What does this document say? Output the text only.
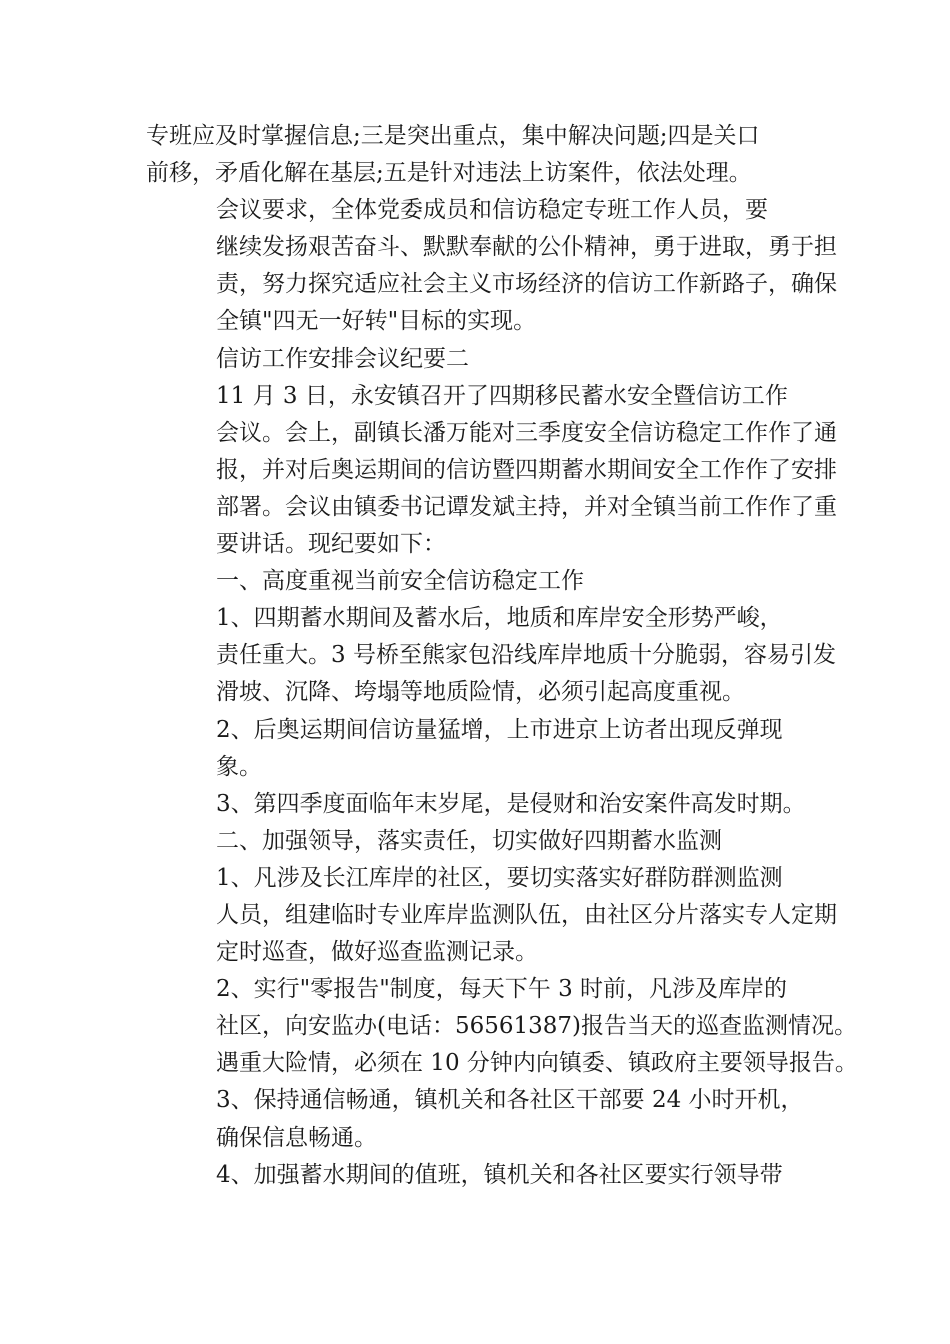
专班应及时掌握信息;三是突出重点，集中解决问题;四是关口
前移，矛盾化解在基层;五是针对违法上访案件，依法处理。
会议要求，全体党委成员和信访稳定专班工作人员，要
继续发扬艰苦奋斗、默默奉献的公仆精神，勇于进取，勇于担
责，努力探究适应社会主义市场经济的信访工作新路子，确保
全镇"四无一好转"目标的实现。
信访工作安排会议纪要二
11 月 3 日，永安镇召开了四期移民蓄水安全暨信访工作
会议。会上，副镇长潘万能对三季度安全信访稳定工作作了通
报，并对后奥运期间的信访暨四期蓄水期间安全工作作了安排
部署。会议由镇委书记谭发斌主持，并对全镇当前工作作了重
要讲话。现纪要如下：
一、高度重视当前安全信访稳定工作
1、四期蓄水期间及蓄水后，地质和库岸安全形势严峻，
责任重大。3 号桥至熊家包沿线库岸地质十分脆弱，容易引发
滑坡、沉降、垮塌等地质险情，必须引起高度重视。
2、后奥运期间信访量猛增，上市进京上访者出现反弹现
象。
3、第四季度面临年末岁尾，是侵财和治安案件高发时期。
二、加强领导，落实责任，切实做好四期蓄水监测
1、凡涉及长江库岸的社区，要切实落实好群防群测监测
人员，组建临时专业库岸监测队伍，由社区分片落实专人定期
定时巡查，做好巡查监测记录。
2、实行"零报告"制度，每天下午 3 时前，凡涉及库岸的
社区，向安监办(电话：56561387)报告当天的巡查监测情况。
遇重大险情，必须在 10 分钟内向镇委、镇政府主要领导报告。
3、保持通信畅通，镇机关和各社区干部要 24 小时开机，
确保信息畅通。
4、加强蓄水期间的值班，镇机关和各社区要实行领导带
